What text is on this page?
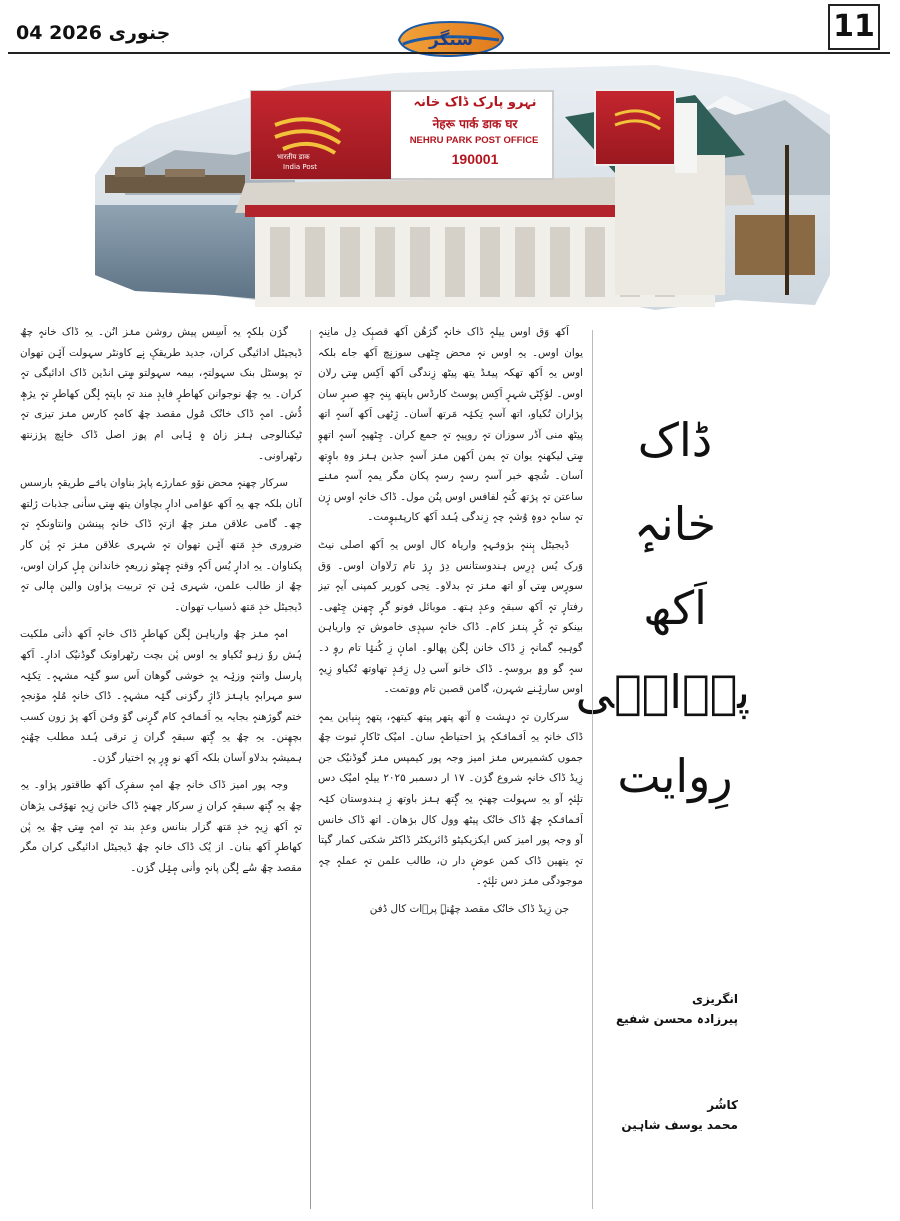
04 جنوری 2026	سنگر	11
भारतीय डाक
India Post
نہرو پارک ڈاک خانہ
नेहरू पार्क डाक घर
NEHRU PARK POST OFFICE
190001
ڈاک
خانہٕ
اَکھ
پرٛانٛی
رِوایت
انگریزی
پیرزادہ محسن شفیع
کاشُر
محمد یوسف شاہین

اَکھ وَق اوس ییلہٕ ڈاک خانہٕ گژھُن اَکھ قصبٕک دِل مانِنہٕ یوان اوس۔ یہِ اوس نہٕ محض چِٹھی سوزنٕچ اَکھ جاے بلکہ اوس یہِ اَکھ تھکہ پینٛڈ یتھ پیٹھ زِندگی اَکھ اَکِس سٟتۍ رلان اوس۔ لوٚکٕٹۍ شہرٕ اَکِس پوسٹ کارڈس باپتھ یِنہٕ چھِ صبرٕ سان پرٛاران تُکیاو، اتھ آسہٕ تِکیٛہ مَرتھ آسان۔ ژِٹھی اَکھ آسہٕ اتھ پیٹھ منی آڈر سوزان تہٕ روپیہٕ تہٕ جمع کران۔ چِٹھیہٕ آسہٕ اتھوٕ سٟتۍ لیکھنہٕ یوان تہٕ یمن اَکھن منٛز آسہٕ جذبن ہنٛز وہِ باوٕتھ آسان۔ شُچھ خبر آسہٕ رسہٕ رسہٕ پکان مگر یمہٕ آسہٕ منٛنے ساعتن تہٕ پرٛتھ کُنہٕ لفافس اوس پنُن مول۔ ڈاک خانہٕ اوس زٕن تہٕ ساںہٕ دوہٕ وُشہٕ چہٕ زِندگی ہُنٛد اَکھ کارپنٛبوٕمت۔

ڈیجیٹل بٕننہٕ برٛونٛہہٕ واریاہ کال اوس یہِ اَکھ اصلی نیٹ وَرک یُس دٕرِس ہندوستانس دِرٛ رٕرٛ تام رَلاوان اوس۔ وَق سورٕس سٟتۍ آو اتھ منٛز تہٕ بدلاو۔ نِجی کوریر کمپنی آیہٕ تیز رفتارٕ تہٕ اَکھ سبقہٕ وعدٕ ہتھ۔ موبائل فونو گرٕ چٕھنن چِٹھی۔ بینکو تہٕ کُرٕ پننٛز کام۔ ڈاک خانہٕ سپدٕی خاموش تہٕ واریاہن گوہیہِ گمانہٕ زِ ڈاک خانن لٕگن پھالو۔ امانٕ زِ کُنیٛا تام روٕ د۔ سہٕ گو وۄ بروسہٕ۔ ڈاک خانو آسۍ دِل زِنٛدٕ تھاوتھ تُکیاو زِیہٕ اوس ساریٛنے شہرن، گامن قصبن تام وۄتمت۔

سرکارن تہٕ دہٕشت ہِ آتھ پتھر پیتھ کیتھہٕ، پتھہٕ بٕنیاین یمہٕ ڈاک خانہٕ یہِ اَنٛمانٛکہٕ پرٛ احتیاطہٕ سان۔ امیُک ٹاکارٕ ثبوت چھُ جموں کشمیرس منٛز امیز وجہ پور کیمپس منٛز گوڈنیُک جن زِیڈ ڈاک خانہٕ شروع گرٛن۔ ۱۷ ار دسمبر ۲۰۲۵ ییلہٕ امیُک دس تلٕئہٕ آو یہِ سہولت چھنہٕ یہِ گٕتھ ہنٛز باوتھ زِ ہندوستان کیٛہ اَنٛمانٛکہٕ چھُ ڈاک خانُک پیٹھ وول کال برٛھان۔ اتھ ڈاک خانس آو وجہ پور امیز کس ایکزیکیٹو ڈائریکٹر ڈاکٹر شکتی کمار گپتا تہٕ یتھین ڈاک کمن عوضٕ دار ن، طالب علمن تہٕ عملہٕ چہٕ موجودگی منٛز دس تلٕئہٕ۔

جن زِیڈ ڈاک خانُک مقصد چھُنہٕ پرٛات کال ڈفن

گرٛن بلکہٕ یہِ اَسِس پیش روشن منٛز انُن۔ یہِ ڈاک خانہٕ چھُ ڈیجیٹل ادائیگی کران، جدید طریقکٕ نٕے کاونٹر سہولت آیٛن تھوان تہٕ پوسٹل بنک سہولتہٕ، بیمہ سہولتو سٟتۍ انڈین ڈاک ادائیگی تہٕ کران۔ یہِ چھُ نوجوانن کھاطرٕ فایدٕ مند تہٕ باپتہٕ لٕگن کھاطرٕ تہٕ یژھٕ ڈُش۔ امہٕ ڈاک خانُک مُول مقصد چھُ کامہٕ کارس منٛز تیزی تہٕ ٹیکنالوجی ہنٛز زانٛ ہٕ یٛابی ام پۄز اصل ڈاک خانٕچ پرٛزنتھ رٹھراونی۔

سرکار چھنہٕ محض نوٚو عمارژے پاپژ بناوان یانٛے طریقہٕ بارسس آنان بلکہ چھ یہِ اَکھ عوٛامی ادارٕ بچاوان یتھ سٟتۍ سأنی جذبات رٔلتھ چھ۔ گامی علاقن منٛز چھُ ازتہٕ ڈاک خانہٕ پینشن وانتاونکہٕ تہٕ ضروری خدٕ مَتھ آیٛن تھوان تہٕ شہری علاقن منٛز تہٕ پٔن کار پکناوان۔ یہِ ادارٕ یُس اَکہٕ وقتہٕ چٕھٹو زریعہٕ خاندانن مٕلٕ کران اوس، چھُ از طالب علمن، شہری یٛن تہٕ تربیت پرٛاون والین مٕالی تہٕ ڈیجیٹل خدٕ مَتھ دٔسیاب تھوان۔

امہٕ منٛز چھُ واریاہن لٕگن کھاطرٕ ڈاک خانہٕ اَکھ ذأتی ملکیت ہُش روٗ زہو تُکیاو یہِ اوس پٔن بچت رٹھراونک گوڈنیُک ادارٕ۔ اَکھ پارسل واتنہٕ وزیٛہ یہٕ خوشی گوھان اَس سو گیٛہ مشہہٕ۔ تِکیٛہ سو مہرابہٕ یاہنٛز ڈاژٕ رگرٛنی گیٛہ مشہہٕ۔ ڈاک خانہٕ مُلہٕ موٚنجہٕ ختم گوژھنہٕ بجایہ یہِ اَنٛمانٛہٕ کام گرٕنی گوٚ ونٛن اَکھ پرٛ زون کسب بچھٕنن۔ یہِ چھُ یہِ گٕتھ سبقہٕ گران زِ ترقی ہُنٛد مطلب چھُنہٕ ہمیشہٕ بدلاو آسان بلکہ اَکھ نو وٕرٕ پہٕ اختیار گرٛن۔

وجہ پور امیز ڈاک خانہٕ چھُ امہٕ سفرٕک اَکھ طاقتور پرٛاو۔ یہِ چھُ یہِ گٕتھ سبقہٕ کران زِ سرکار چھنہٕ ڈاک خانن زِیہٕ تھوٚنٛی یژھان تہٕ اَکھ زِیہٕ خدٕ مَتھ گزار بنانس وعدٕ بند تہٕ امہٕ سٟتۍ چھُ یہِ پٔن کھاطرٕ اَکھ بنان۔ از یُک ڈاک خانہٕ چھُ ڈیجیٹل ادائیگی کران مگر مقصد چھُ سُے لٕگن پانہٕ وأنی مٕیٛل گرٛن۔
